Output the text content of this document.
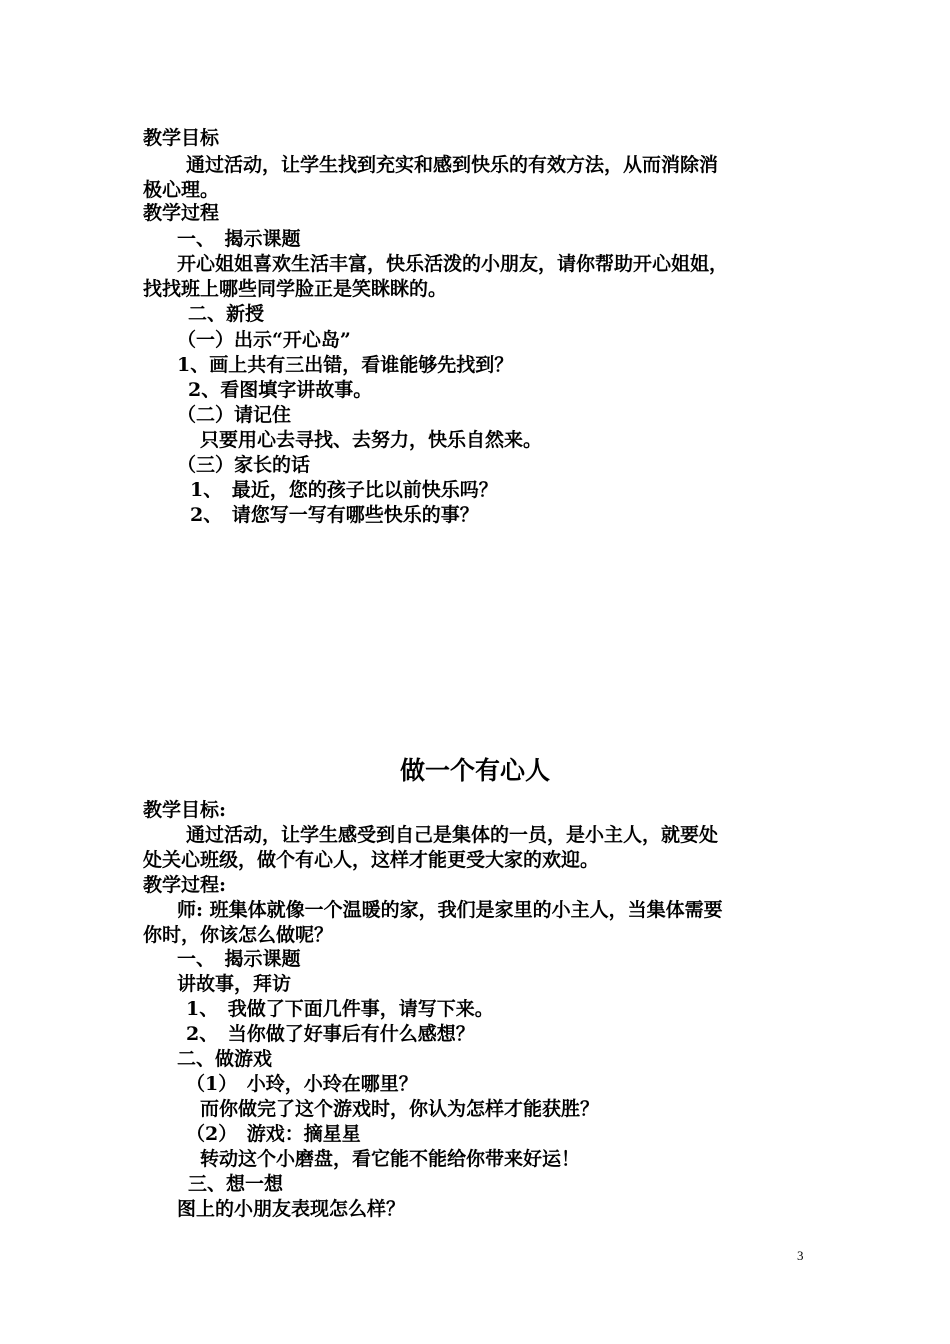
教学目标
通过活动，让学生找到充实和感到快乐的有效方法，从而消除消
极心理。
教学过程
一、　揭示课题
开心姐姐喜欢生活丰富，快乐活泼的小朋友，请你帮助开心姐姐，
找找班上哪些同学脸正是笑眯眯的。
二、新授
（一）出示“开心岛”
1、画上共有三出错，看谁能够先找到？
2、看图填字讲故事。
（二）请记住
只要用心去寻找、去努力，快乐自然来。
（三）家长的话
1、　最近，您的孩子比以前快乐吗？
2、　请您写一写有哪些快乐的事？
做一个有心人
教学目标:
通过活动，让学生感受到自己是集体的一员，是小主人，就要处
处关心班级，做个有心人，这样才能更受大家的欢迎。
教学过程:
师: 班集体就像一个温暖的家，我们是家里的小主人，当集体需要
你时，你该怎么做呢？
一、　揭示课题
讲故事，拜访
1、　我做了下面几件事，请写下来。
2、　当你做了好事后有什么感想？
二、做游戏
（1）　小玲，小玲在哪里？
而你做完了这个游戏时，你认为怎样才能获胜？
（2）　游戏：摘星星
转动这个小磨盘，看它能不能给你带来好运！
三、想一想
图上的小朋友表现怎么样？
3
